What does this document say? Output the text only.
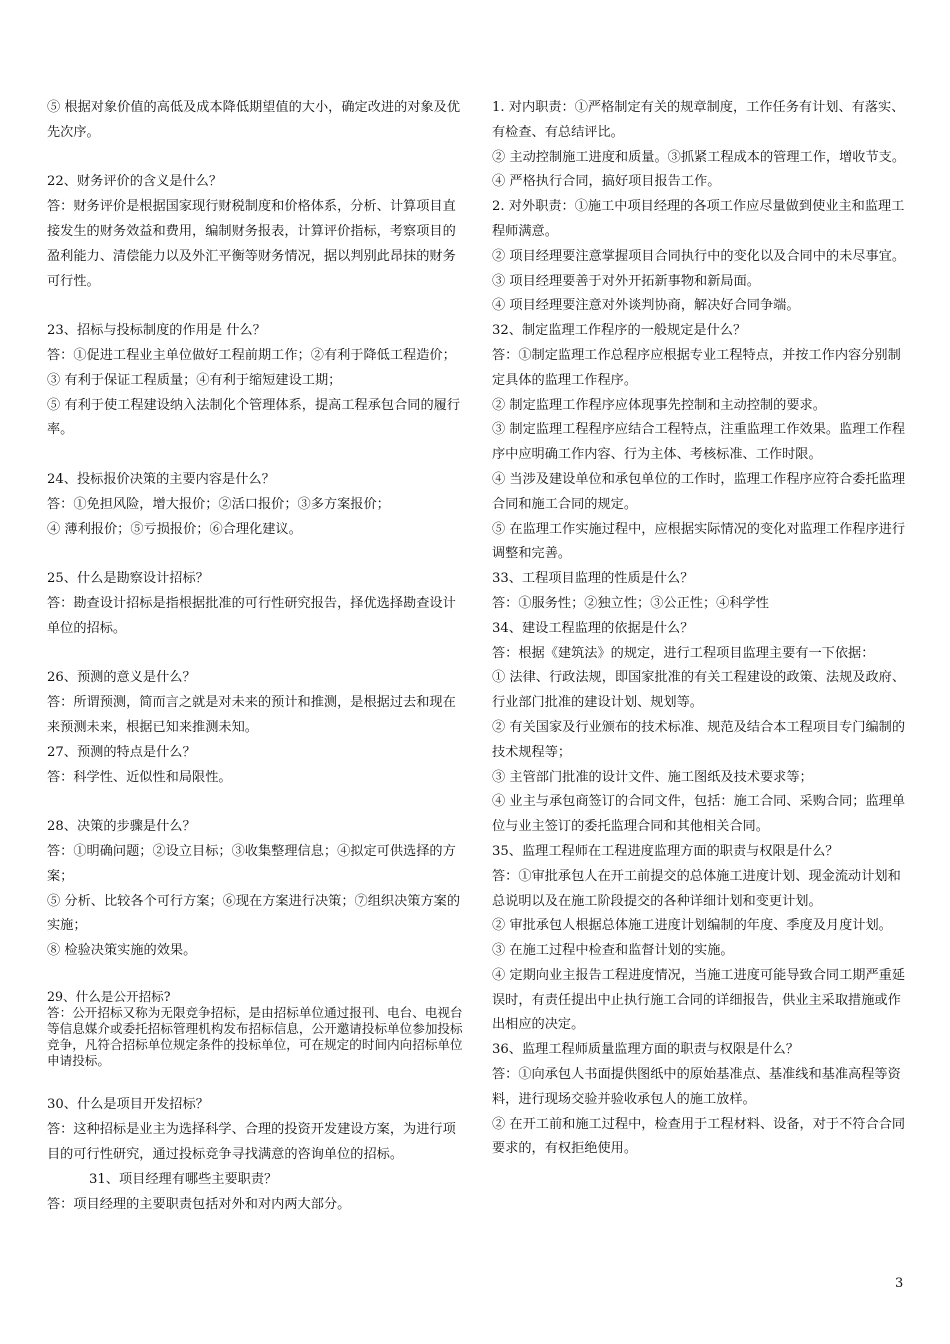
⑤ 根据对象价值的高低及成本降低期望值的大小，确定改进的对象及优先次序。
22、财务评价的含义是什么？
答：财务评价是根据国家现行财税制度和价格体系，分析、计算项目直接发生的财务效益和费用，编制财务报表，计算评价指标，考察项目的盈利能力、清偿能力以及外汇平衡等财务情况，据以判别此昂抹的财务可行性。
23、招标与投标制度的作用是 什么？
答：①促进工程业主单位做好工程前期工作；②有利于降低工程造价；
③ 有利于保证工程质量；④有利于缩短建设工期；
⑤ 有利于使工程建设纳入法制化个管理体系，提高工程承包合同的履行率。
24、投标报价决策的主要内容是什么？
答：①免担风险，增大报价；②活口报价；③多方案报价；
④ 薄利报价；⑤亏损报价；⑥合理化建议。
25、什么是勘察设计招标？
答：勘查设计招标是指根据批准的可行性研究报告，择优选择勘查设计单位的招标。
26、预测的意义是什么？
答：所谓预测，简而言之就是对未来的预计和推测，是根据过去和现在来预测未来，根据已知来推测未知。
27、预测的特点是什么？
答：科学性、近似性和局限性。
28、决策的步骤是什么？
答：①明确问题；②设立目标；③收集整理信息；④拟定可供选择的方案；
⑤ 分析、比较各个可行方案；⑥现在方案进行决策；⑦组织决策方案的实施；
⑧ 检验决策实施的效果。
29、什么是公开招标?
答：公开招标又称为无限竞争招标，是由招标单位通过报刊、电台、电视台等信息媒介或委托招标管理机构发布招标信息，公开邀请投标单位参加投标竞争，凡符合招标单位规定条件的投标单位，可在规定的时间内向招标单位申请投标。
30、什么是项目开发招标？
答：这种招标是业主为选择科学、合理的投资开发建设方案，为进行项目的可行性研究，通过投标竞争寻找满意的咨询单位的招标。
31、项目经理有哪些主要职责？
答：项目经理的主要职责包括对外和对内两大部分。
1. 对内职责：①严格制定有关的规章制度，工作任务有计划、有落实、有检查、有总结评比。
② 主动控制施工进度和质量。③抓紧工程成本的管理工作，增收节支。
④ 严格执行合同，搞好项目报告工作。
2. 对外职责：①施工中项目经理的各项工作应尽量做到使业主和监理工程师满意。
② 项目经理要注意掌握项目合同执行中的变化以及合同中的未尽事宜。
③ 项目经理要善于对外开拓新事物和新局面。
④ 项目经理要注意对外谈判协商，解决好合同争端。
32、制定监理工作程序的一般规定是什么？
答：①制定监理工作总程序应根据专业工程特点，并按工作内容分别制定具体的监理工作程序。
② 制定监理工作程序应体现事先控制和主动控制的要求。
③ 制定监理工程程序应结合工程特点，注重监理工作效果。监理工作程序中应明确工作内容、行为主体、考核标准、工作时限。
④ 当涉及建设单位和承包单位的工作时，监理工作程序应符合委托监理合同和施工合同的规定。
⑤ 在监理工作实施过程中，应根据实际情况的变化对监理工作程序进行调整和完善。
33、工程项目监理的性质是什么？
答：①服务性；②独立性；③公正性；④科学性
34、建设工程监理的依据是什么？
答：根据《建筑法》的规定，进行工程项目监理主要有一下依据：
① 法律、行政法规，即国家批准的有关工程建设的政策、法规及政府、行业部门批准的建设计划、规划等。
② 有关国家及行业颁布的技术标准、规范及结合本工程项目专门编制的技术规程等；
③ 主管部门批准的设计文件、施工图纸及技术要求等；
④ 业主与承包商签订的合同文件，包括：施工合同、采购合同；监理单位与业主签订的委托监理合同和其他相关合同。
35、监理工程师在工程进度监理方面的职责与权限是什么？
答：①审批承包人在开工前提交的总体施工进度计划、现金流动计划和总说明以及在施工阶段提交的各种详细计划和变更计划。
② 审批承包人根据总体施工进度计划编制的年度、季度及月度计划。
③ 在施工过程中检查和监督计划的实施。
④ 定期向业主报告工程进度情况，当施工进度可能导致合同工期严重延误时，有责任提出中止执行施工合同的详细报告，供业主采取措施或作出相应的决定。
36、监理工程师质量监理方面的职责与权限是什么？
答：①向承包人书面提供图纸中的原始基准点、基准线和基准高程等资料，进行现场交验并验收承包人的施工放样。
② 在开工前和施工过程中，检查用于工程材料、设备，对于不符合合同要求的，有权拒绝使用。
3
